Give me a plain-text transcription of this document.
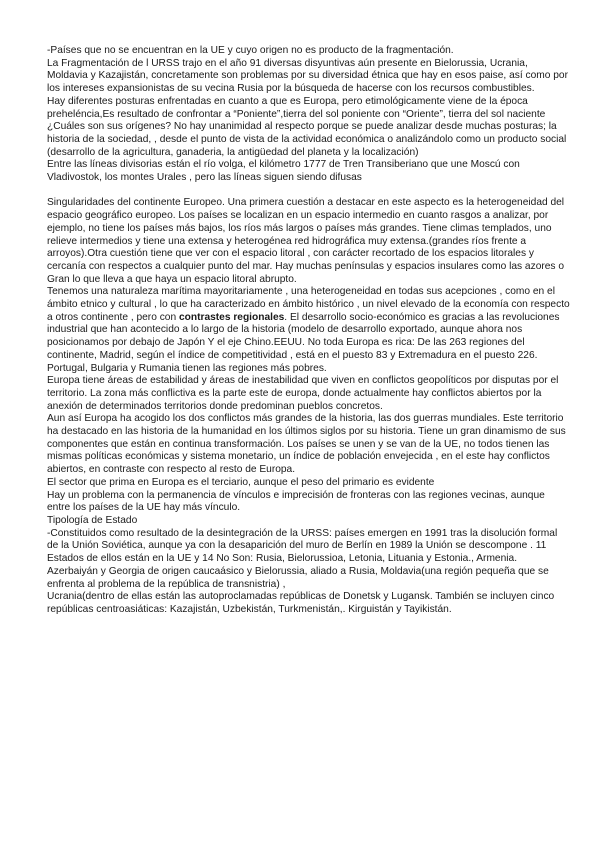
-Países que no se encuentran en la UE y cuyo origen no es producto de la fragmentación.

La Fragmentación de l URSS trajo en el año 91 diversas disyuntivas aún presente en Bielorussia, Ucrania, Moldavia y Kazajistán, concretamente son problemas por su diversidad étnica que hay en esos paise, así como por los intereses expansionistas de su vecina Rusia por la búsqueda de hacerse con los recursos combustibles.

Hay diferentes posturas enfrentadas en cuanto a que es Europa, pero etimológicamente viene de la época preheléncia,Es resultado de confrontar a “Poniente”,tierra del sol poniente con “Oriente”, tierra del sol naciente

¿Cuáles son sus orígenes? No hay unanimidad al respecto porque se puede analizar desde muchas posturas; la historia de la sociedad, , desde el punto de vista de la actividad económica o analizándolo como un producto social (desarrollo de la agricultura, ganaderia, la antigüedad del planeta y la localización)

Entre las líneas divisorias están el río volga, el kilómetro 1777 de Tren Transiberiano que une Moscú con Vladivostok, los montes Urales , pero las líneas siguen siendo difusas

Singularidades del continente Europeo. Una primera cuestión a destacar en este aspecto es la heterogeneidad del espacio geográfico europeo. Los países se localizan en un espacio intermedio en cuanto rasgos a analizar, por ejemplo, no tiene los países más bajos, los ríos más largos o países más grandes. Tiene climas templados, uno relieve intermedios y tiene una extensa y heterogénea red hidrográfica muy extensa.(grandes ríos frente a arroyos).Otra cuestión tiene que ver con el espacio litoral , con carácter recortado de los espacios litorales y cercanía con respectos a cualquier punto del mar. Hay muchas penínsulas y espacios insulares como las azores o Gran lo que lleva a que haya un espacio litoral abrupto.

Tenemos una naturaleza marítima mayoritariamente , una heterogeneidad en todas sus acepciones , como en el ámbito etnico y cultural , lo que ha caracterizado en ámbito histórico , un nivel elevado de la economía con respecto a otros continente , pero con contrastes regionales. El desarrollo socio-económico es gracias a las revoluciones industrial que han acontecido a lo largo de la historia (modelo de desarrollo exportado, aunque ahora nos posicionamos por debajo de Japón Y el eje Chino.EEUU. No toda Europa es rica: De las 263 regiones del continente, Madrid, según el índice de competitividad , está en el puesto 83 y Extremadura en el puesto 226. Portugal, Bulgaria y Rumania tienen las regiones más pobres.

Europa tiene áreas de estabilidad y áreas de inestabilidad que viven en conflictos geopolíticos por disputas por el territorio. La zona más conflictiva es la parte este de europa, donde actualmente hay conflictos abiertos por la anexión de determinados territorios donde predominan pueblos concretos.

Aun así Europa ha acogido los dos conflictos más grandes de la historia, las dos guerras mundiales. Este territorio ha destacado en las historia de la humanidad en los últimos siglos por su historia. Tiene un gran dinamismo de sus componentes que están en continua transformación. Los países se unen y se van de la UE, no todos tienen las mismas políticas económicas y sistema monetario, un índice de población envejecida , en el este hay conflictos abiertos, en contraste con respecto al resto de Europa.

El sector que prima en Europa es el terciario, aunque el peso del primario es evidente

Hay un problema con la permanencia de vínculos e imprecisión de fronteras con las regiones vecinas, aunque entre los países de la UE hay más vínculo.

Tipología de Estado

-Constituidos como resultado de la desintegración de la URSS: países emergen en 1991 tras la disolución formal de la Unión Soviética, aunque ya con la desaparición del muro de Berlín en 1989 la Unión se descompone . 11 Estados de ellos están en la UE y 14 No Son: Rusia, Bielorussioa, Letonia, Lituania y Estonia., Armenia. Azerbaiyán y Georgia de origen caucaásico y Bielorussia, aliado a Rusia, Moldavia(una región pequeña que se enfrenta al problema de la república de transnistria) ,

Ucrania(dentro de ellas están las autoproclamadas repúblicas de Donetsk y Lugansk. También se incluyen cinco repúblicas centroasiáticas: Kazajistán, Uzbekistán, Turkmenistán,. Kirguistán y Tayikistán.
